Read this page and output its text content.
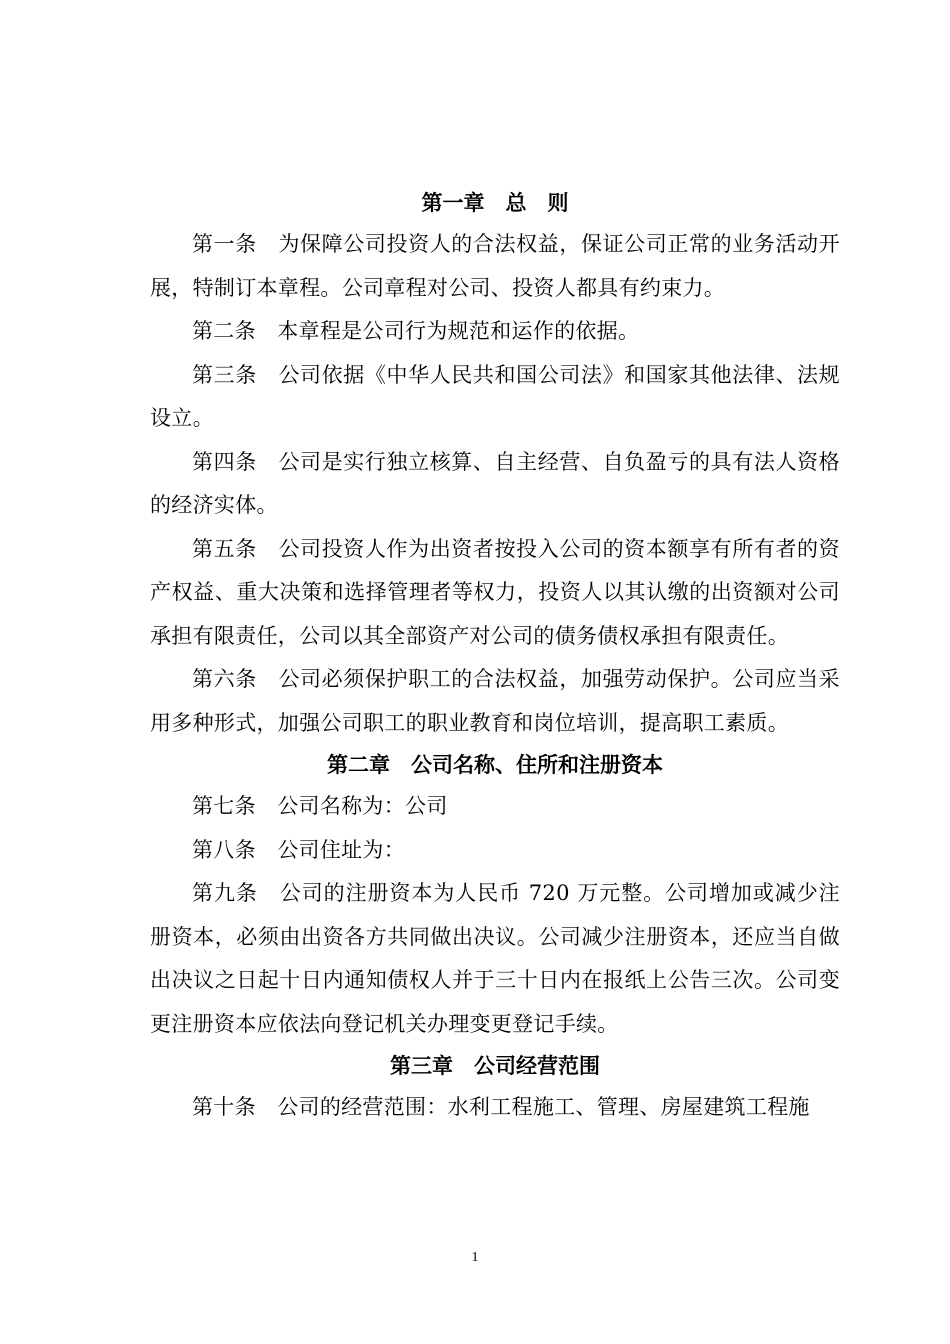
第一章　总　则

第一条　 为保障公司投资人的合法权益，保证公司正常的业务活动开展，特制订本章程。公司章程对公司、投资人都具有约束力。

第二条　 本章程是公司行为规范和运作的依据。

第三条　 公司依据《中华人民共和国公司法》和国家其他法律、法规设立。

第四条　 公司是实行独立核算、自主经营、自负盈亏的具有法人资格的经济实体。

第五条　 公司投资人作为出资者按投入公司的资本额享有所有者的资产权益、重大决策和选择管理者等权力，投资人以其认缴的出资额对公司承担有限责任，公司以其全部资产对公司的债务债权承担有限责任。

第六条　 公司必须保护职工的合法权益，加强劳动保护。公司应当采用多种形式，加强公司职工的职业教育和岗位培训，提高职工素质。

第二章　公司名称、住所和注册资本

第七条　 公司名称为：公司

第八条　 公司住址为：

第九条　 公司的注册资本为人民币 720 万元整。公司增加或减少注册资本，必须由出资各方共同做出决议。公司减少注册资本，还应当自做出决议之日起十日内通知债权人并于三十日内在报纸上公告三次。公司变更注册资本应依法向登记机关办理变更登记手续。

第三章　公司经营范围

第十条　 公司的经营范围：水利工程施工、管理、房屋建筑工程施

1
